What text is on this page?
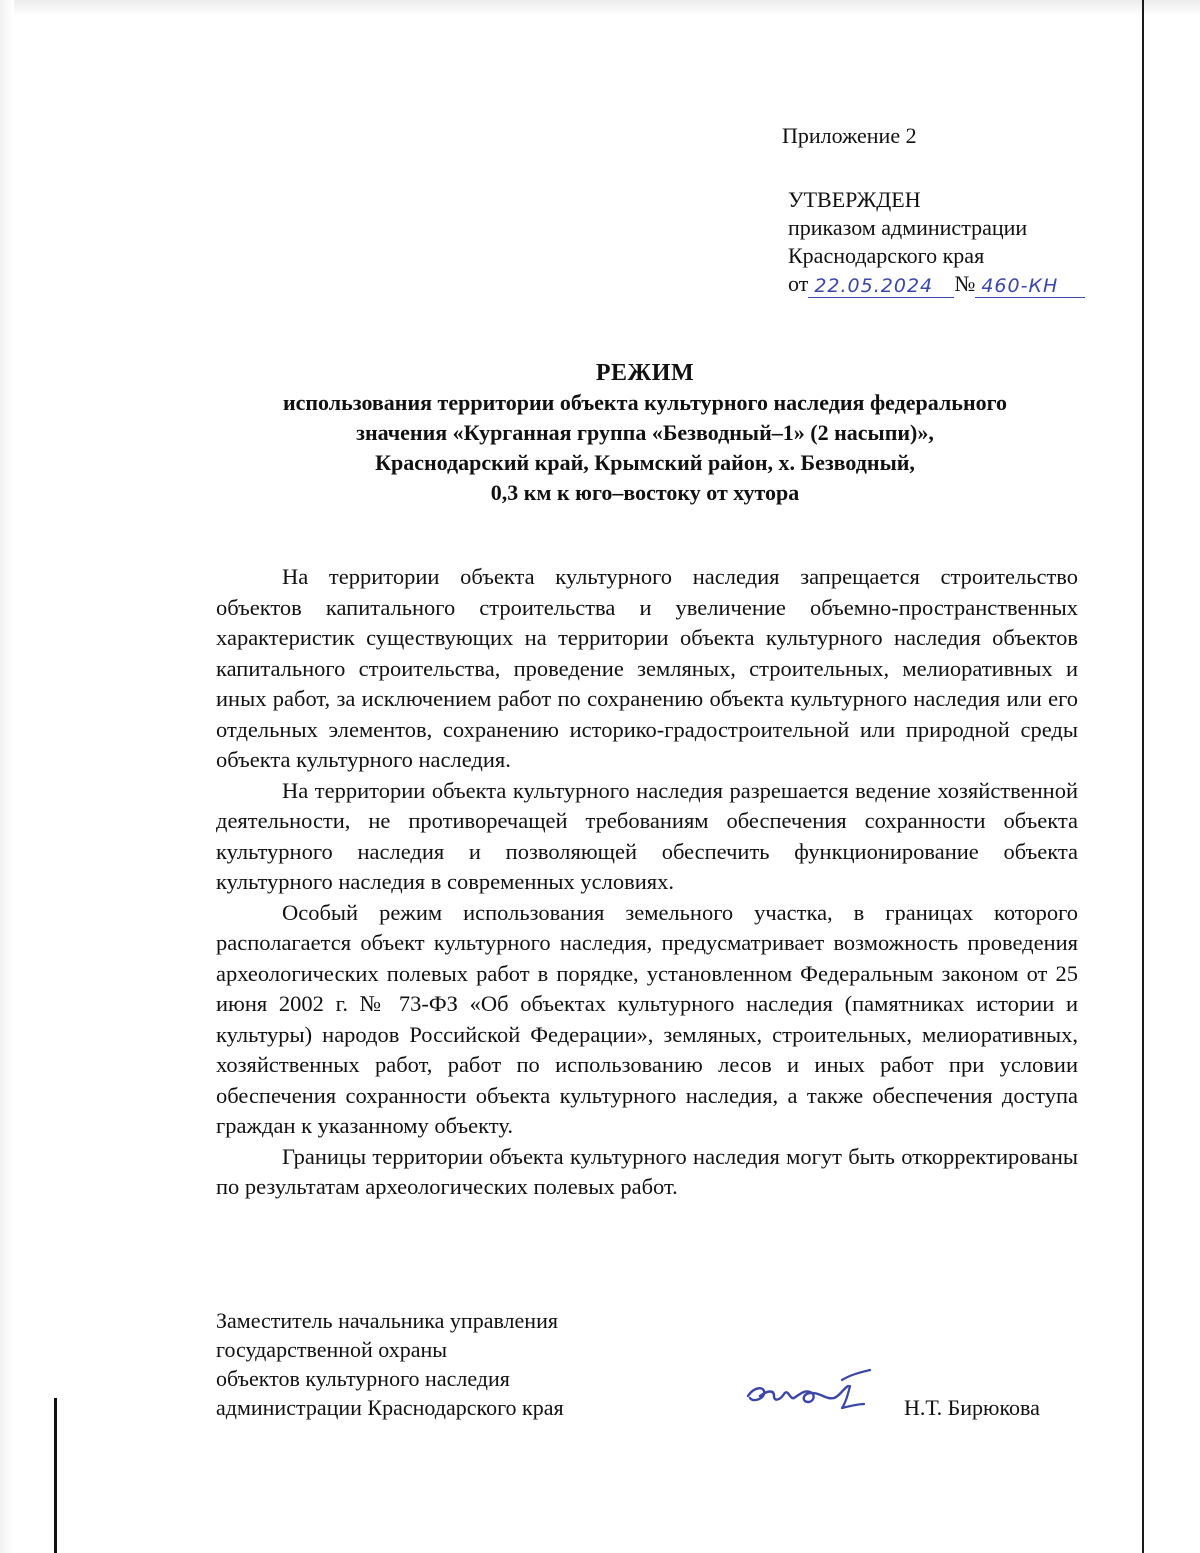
Приложение 2
УТВЕРЖДЕН
приказом администрации
Краснодарского края
от 22.05.2024 № 460-КН
РЕЖИМ
использования территории объекта культурного наследия федерального
значения «Курганная группа «Безводный–1» (2 насыпи)»,
Краснодарский край, Крымский район, х. Безводный,
0,3 км к юго–востоку от хутора

На территории объекта культурного наследия запрещается строительство объектов капитального строительства и увеличение объемно-пространственных характеристик существующих на территории объекта культурного наследия объектов капитального строительства, проведение земляных, строительных, мелиоративных и иных работ, за исключением работ по сохранению объекта культурного наследия или его отдельных элементов, сохранению историко-градостроительной или природной среды объекта культурного наследия.

На территории объекта культурного наследия разрешается ведение хозяйственной деятельности, не противоречащей требованиям обеспечения сохранности объекта культурного наследия и позволяющей обеспечить функционирование объекта культурного наследия в современных условиях.

Особый режим использования земельного участка, в границах которого располагается объект культурного наследия, предусматривает возможность проведения археологических полевых работ в порядке, установленном Федеральным законом от 25 июня 2002 г. № 73-ФЗ «Об объектах культурного наследия (памятниках истории и культуры) народов Российской Федерации», земляных, строительных, мелиоративных, хозяйственных работ, работ по использованию лесов и иных работ при условии обеспечения сохранности объекта культурного наследия, а также обеспечения доступа граждан к указанному объекту.

Границы территории объекта культурного наследия могут быть откорректированы по результатам археологических полевых работ.

Заместитель начальника управления
государственной охраны
объектов культурного наследия
администрации Краснодарского края	Н.Т. Бирюкова
